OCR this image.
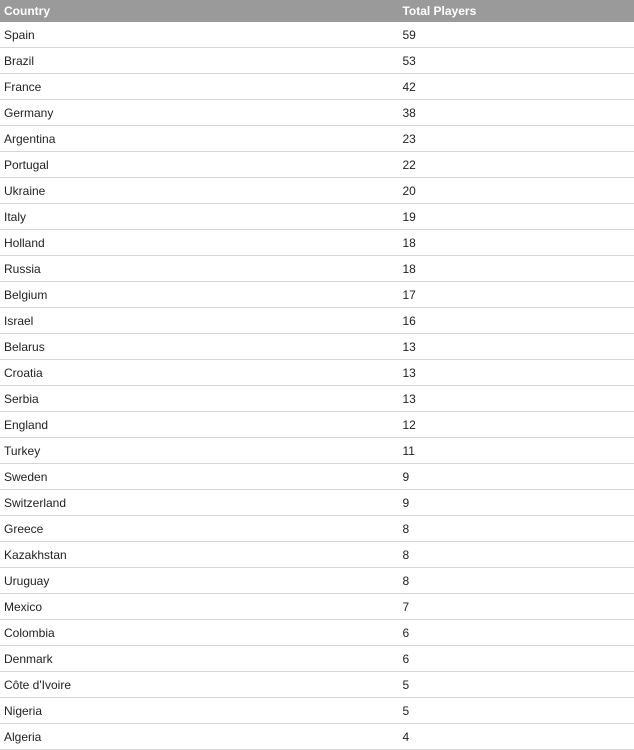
Country	Total Players
Spain	59
Brazil	53
France	42
Germany	38
Argentina	23
Portugal	22
Ukraine	20
Italy	19
Holland	18
Russia	18
Belgium	17
Israel	16
Belarus	13
Croatia	13
Serbia	13
England	12
Turkey	11
Sweden	9
Switzerland	9
Greece	8
Kazakhstan	8
Uruguay	8
Mexico	7
Colombia	6
Denmark	6
Côte d'Ivoire	5
Nigeria	5
Algeria	4
